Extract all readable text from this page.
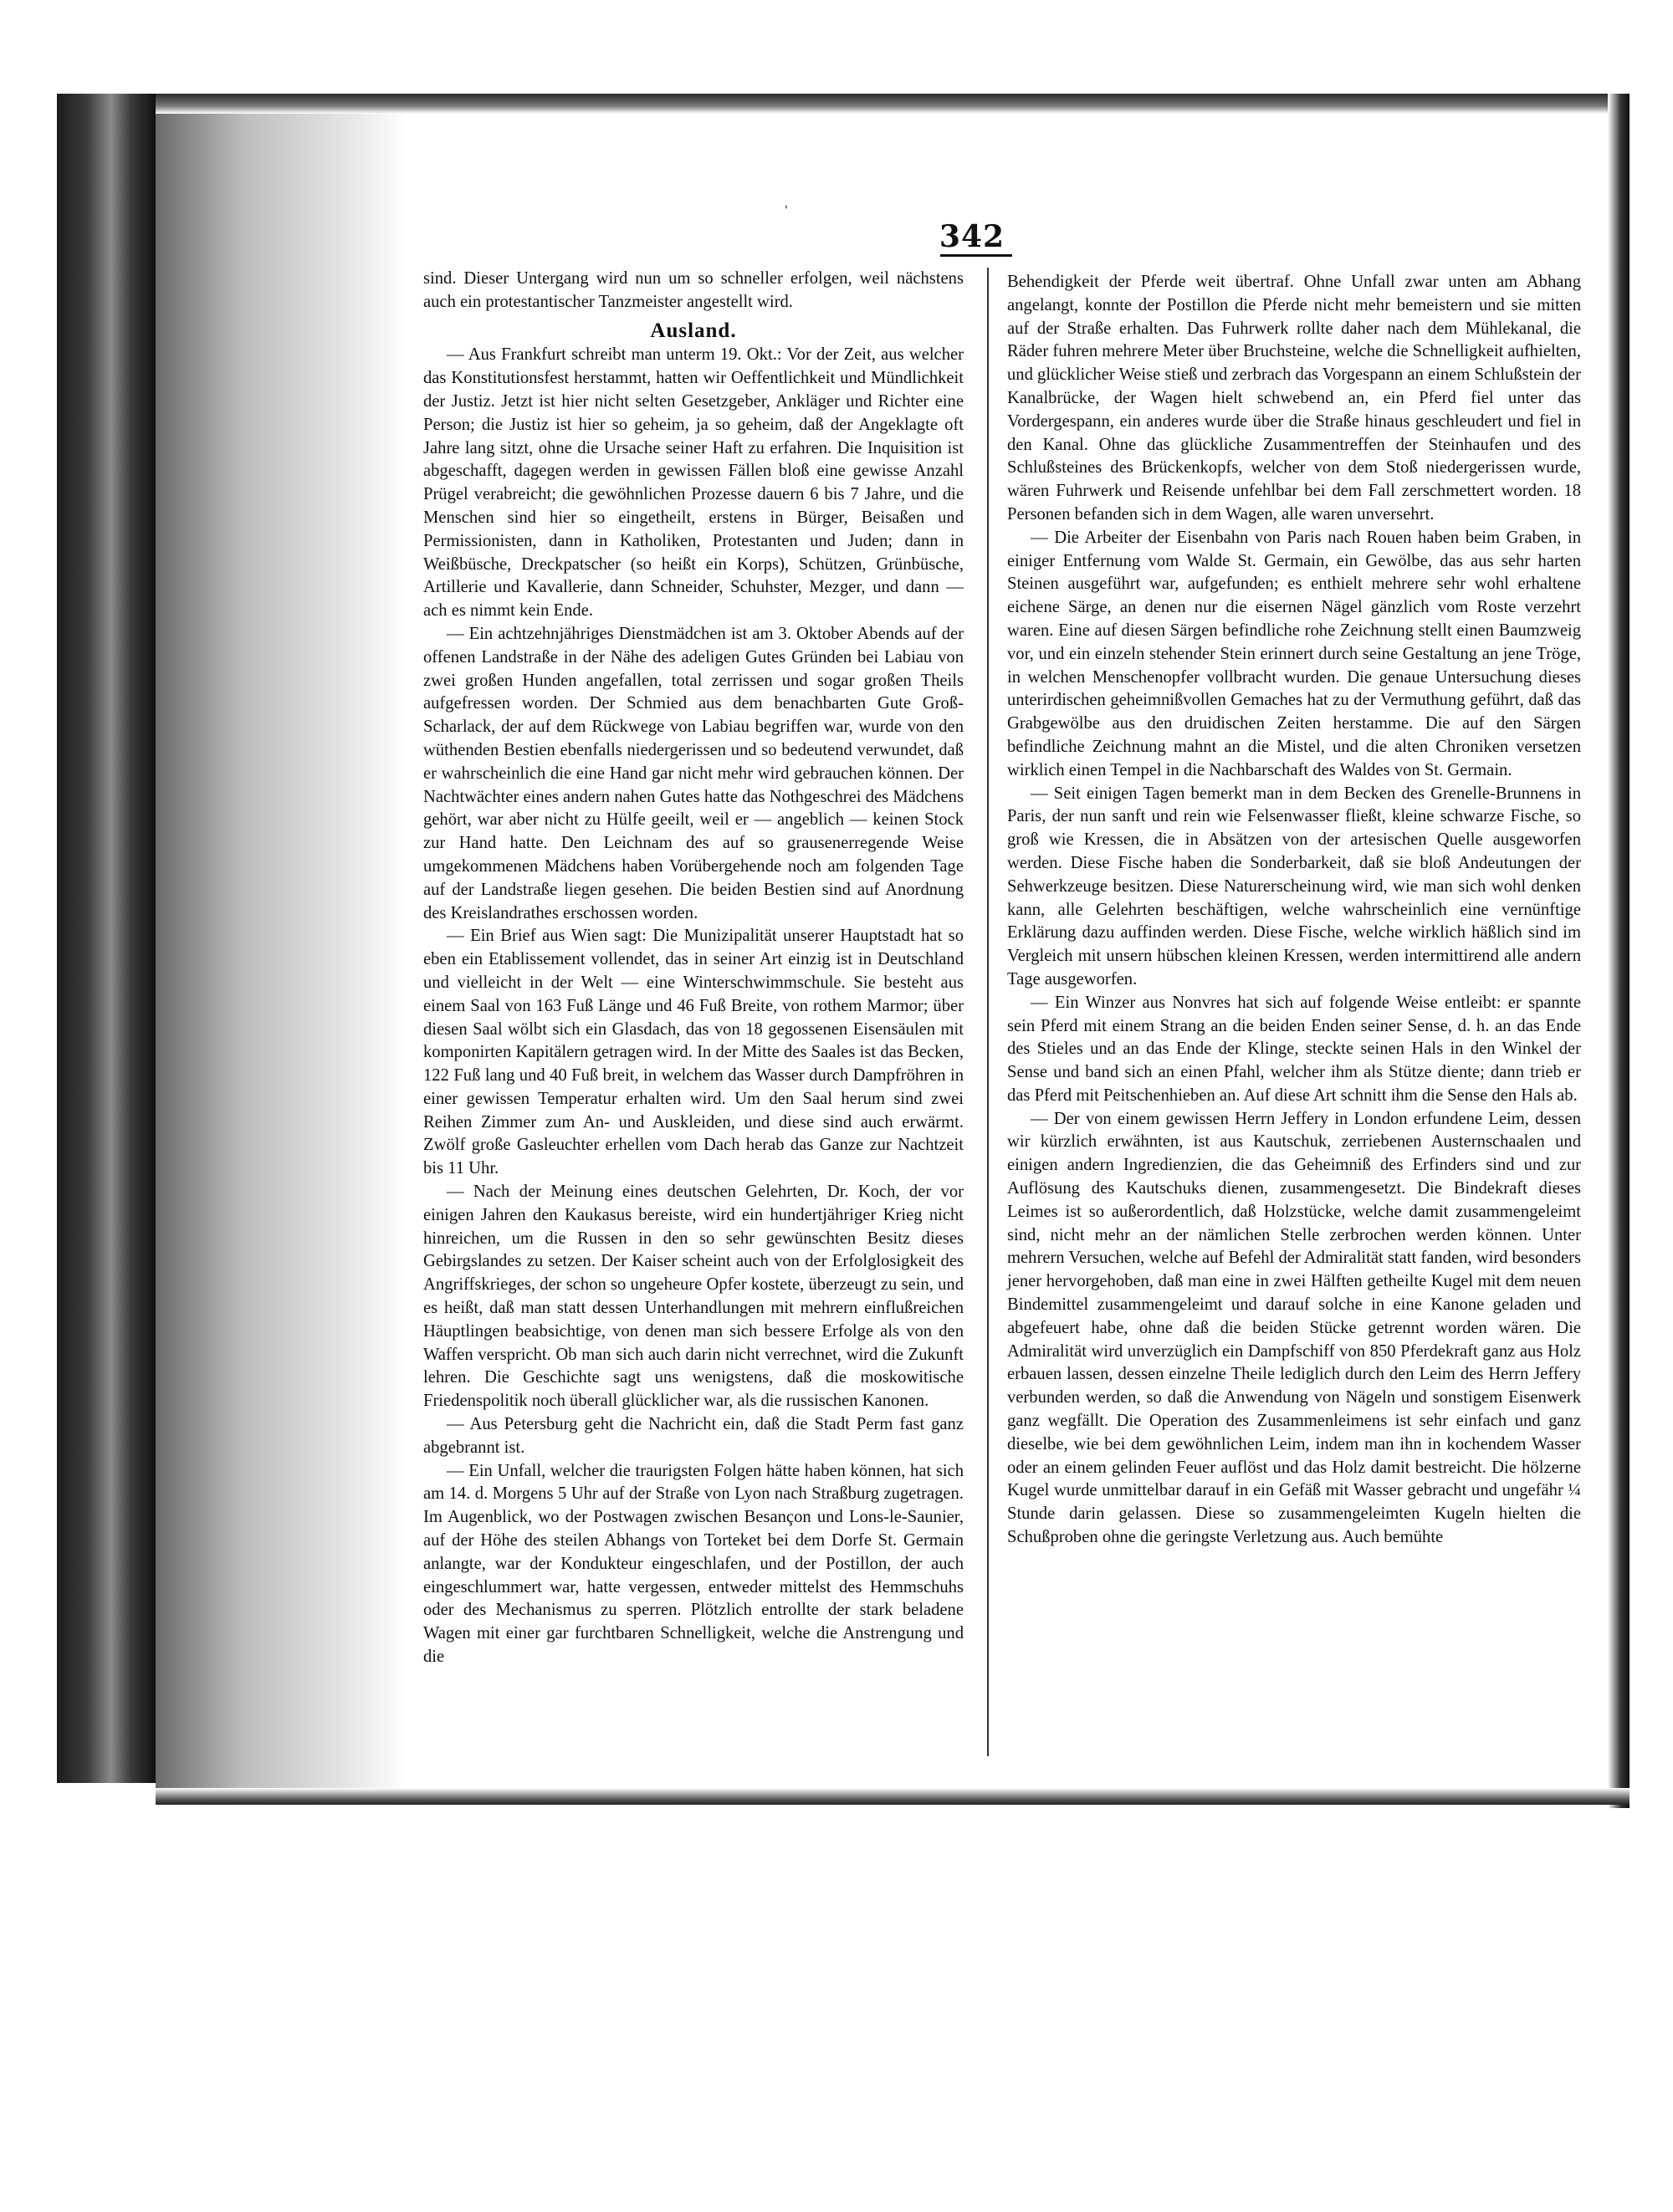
'
342

sind. Dieser Untergang wird nun um so schneller erfolgen, weil nächstens auch ein protestantischer Tanzmeister angestellt wird.

Ausland.

— Aus Frankfurt schreibt man unterm 19. Okt.: Vor der Zeit, aus welcher das Konstitutionsfest herstammt, hatten wir Oeffentlichkeit und Mündlichkeit der Justiz. Jetzt ist hier nicht selten Gesetzgeber, Ankläger und Richter eine Person; die Justiz ist hier so geheim, ja so geheim, daß der Angeklagte oft Jahre lang sitzt, ohne die Ursache seiner Haft zu erfahren. Die Inquisition ist abgeschafft, dagegen werden in gewissen Fällen bloß eine gewisse Anzahl Prügel verabreicht; die gewöhnlichen Prozesse dauern 6 bis 7 Jahre, und die Menschen sind hier so eingetheilt, erstens in Bürger, Beisaßen und Permissionisten, dann in Katholiken, Protestanten und Juden; dann in Weißbüsche, Dreckpatscher (so heißt ein Korps), Schützen, Grünbüsche, Artillerie und Kavallerie, dann Schneider, Schuhster, Mezger, und dann — ach es nimmt kein Ende.

— Ein achtzehnjähriges Dienstmädchen ist am 3. Oktober Abends auf der offenen Landstraße in der Nähe des adeligen Gutes Gründen bei Labiau von zwei großen Hunden angefallen, total zerrissen und sogar großen Theils aufgefressen worden. Der Schmied aus dem benachbarten Gute Groß-Scharlack, der auf dem Rückwege von Labiau begriffen war, wurde von den wüthenden Bestien ebenfalls niedergerissen und so bedeutend verwundet, daß er wahrscheinlich die eine Hand gar nicht mehr wird gebrauchen können. Der Nachtwächter eines andern nahen Gutes hatte das Nothgeschrei des Mädchens gehört, war aber nicht zu Hülfe geeilt, weil er — angeblich — keinen Stock zur Hand hatte. Den Leichnam des auf so grausenerregende Weise umgekommenen Mädchens haben Vorübergehende noch am folgenden Tage auf der Landstraße liegen gesehen. Die beiden Bestien sind auf Anordnung des Kreislandrathes erschossen worden.

— Ein Brief aus Wien sagt: Die Munizipalität unserer Hauptstadt hat so eben ein Etablissement vollendet, das in seiner Art einzig ist in Deutschland und vielleicht in der Welt — eine Winterschwimmschule. Sie besteht aus einem Saal von 163 Fuß Länge und 46 Fuß Breite, von rothem Marmor; über diesen Saal wölbt sich ein Glasdach, das von 18 gegossenen Eisensäulen mit komponirten Kapitälern getragen wird. In der Mitte des Saales ist das Becken, 122 Fuß lang und 40 Fuß breit, in welchem das Wasser durch Dampfröhren in einer gewissen Temperatur erhalten wird. Um den Saal herum sind zwei Reihen Zimmer zum An- und Auskleiden, und diese sind auch erwärmt. Zwölf große Gasleuchter erhellen vom Dach herab das Ganze zur Nachtzeit bis 11 Uhr.

— Nach der Meinung eines deutschen Gelehrten, Dr. Koch, der vor einigen Jahren den Kaukasus bereiste, wird ein hundertjähriger Krieg nicht hinreichen, um die Russen in den so sehr gewünschten Besitz dieses Gebirgslandes zu setzen. Der Kaiser scheint auch von der Erfolglosigkeit des Angriffskrieges, der schon so ungeheure Opfer kostete, überzeugt zu sein, und es heißt, daß man statt dessen Unterhandlungen mit mehrern einflußreichen Häuptlingen beabsichtige, von denen man sich bessere Erfolge als von den Waffen verspricht. Ob man sich auch darin nicht verrechnet, wird die Zukunft lehren. Die Geschichte sagt uns wenigstens, daß die moskowitische Friedenspolitik noch überall glücklicher war, als die russischen Kanonen.

— Aus Petersburg geht die Nachricht ein, daß die Stadt Perm fast ganz abgebrannt ist.

— Ein Unfall, welcher die traurigsten Folgen hätte haben können, hat sich am 14. d. Morgens 5 Uhr auf der Straße von Lyon nach Straßburg zugetragen. Im Augenblick, wo der Postwagen zwischen Besançon und Lons-le-Saunier, auf der Höhe des steilen Abhangs von Torteket bei dem Dorfe St. Germain anlangte, war der Kondukteur eingeschlafen, und der Postillon, der auch eingeschlummert war, hatte vergessen, entweder mittelst des Hemmschuhs oder des Mechanismus zu sperren. Plötzlich entrollte der stark beladene Wagen mit einer gar furchtbaren Schnelligkeit, welche die Anstrengung und die

Behendigkeit der Pferde weit übertraf. Ohne Unfall zwar unten am Abhang angelangt, konnte der Postillon die Pferde nicht mehr bemeistern und sie mitten auf der Straße erhalten. Das Fuhrwerk rollte daher nach dem Mühlekanal, die Räder fuhren mehrere Meter über Bruchsteine, welche die Schnelligkeit aufhielten, und glücklicher Weise stieß und zerbrach das Vorgespann an einem Schlußstein der Kanalbrücke, der Wagen hielt schwebend an, ein Pferd fiel unter das Vordergespann, ein anderes wurde über die Straße hinaus geschleudert und fiel in den Kanal. Ohne das glückliche Zusammentreffen der Steinhaufen und des Schlußsteines des Brückenkopfs, welcher von dem Stoß niedergerissen wurde, wären Fuhrwerk und Reisende unfehlbar bei dem Fall zerschmettert worden. 18 Personen befanden sich in dem Wagen, alle waren unversehrt.

— Die Arbeiter der Eisenbahn von Paris nach Rouen haben beim Graben, in einiger Entfernung vom Walde St. Germain, ein Gewölbe, das aus sehr harten Steinen ausgeführt war, aufgefunden; es enthielt mehrere sehr wohl erhaltene eichene Särge, an denen nur die eisernen Nägel gänzlich vom Roste verzehrt waren. Eine auf diesen Särgen befindliche rohe Zeichnung stellt einen Baumzweig vor, und ein einzeln stehender Stein erinnert durch seine Gestaltung an jene Tröge, in welchen Menschenopfer vollbracht wurden. Die genaue Untersuchung dieses unterirdischen geheimnißvollen Gemaches hat zu der Vermuthung geführt, daß das Grabgewölbe aus den druidischen Zeiten herstamme. Die auf den Särgen befindliche Zeichnung mahnt an die Mistel, und die alten Chroniken versetzen wirklich einen Tempel in die Nachbarschaft des Waldes von St. Germain.

— Seit einigen Tagen bemerkt man in dem Becken des Grenelle-Brunnens in Paris, der nun sanft und rein wie Felsenwasser fließt, kleine schwarze Fische, so groß wie Kressen, die in Absätzen von der artesischen Quelle ausgeworfen werden. Diese Fische haben die Sonderbarkeit, daß sie bloß Andeutungen der Sehwerkzeuge besitzen. Diese Naturerscheinung wird, wie man sich wohl denken kann, alle Gelehrten beschäftigen, welche wahrscheinlich eine vernünftige Erklärung dazu auffinden werden. Diese Fische, welche wirklich häßlich sind im Vergleich mit unsern hübschen kleinen Kressen, werden intermittirend alle andern Tage ausgeworfen.

— Ein Winzer aus Nonvres hat sich auf folgende Weise entleibt: er spannte sein Pferd mit einem Strang an die beiden Enden seiner Sense, d. h. an das Ende des Stieles und an das Ende der Klinge, steckte seinen Hals in den Winkel der Sense und band sich an einen Pfahl, welcher ihm als Stütze diente; dann trieb er das Pferd mit Peitschenhieben an. Auf diese Art schnitt ihm die Sense den Hals ab.

— Der von einem gewissen Herrn Jeffery in London erfundene Leim, dessen wir kürzlich erwähnten, ist aus Kautschuk, zerriebenen Austernschaalen und einigen andern Ingredienzien, die das Geheimniß des Erfinders sind und zur Auflösung des Kautschuks dienen, zusammengesetzt. Die Bindekraft dieses Leimes ist so außerordentlich, daß Holzstücke, welche damit zusammengeleimt sind, nicht mehr an der nämlichen Stelle zerbrochen werden können. Unter mehrern Versuchen, welche auf Befehl der Admiralität statt fanden, wird besonders jener hervorgehoben, daß man eine in zwei Hälften getheilte Kugel mit dem neuen Bindemittel zusammengeleimt und darauf solche in eine Kanone geladen und abgefeuert habe, ohne daß die beiden Stücke getrennt worden wären. Die Admiralität wird unverzüglich ein Dampfschiff von 850 Pferdekraft ganz aus Holz erbauen lassen, dessen einzelne Theile lediglich durch den Leim des Herrn Jeffery verbunden werden, so daß die Anwendung von Nägeln und sonstigem Eisenwerk ganz wegfällt. Die Operation des Zusammenleimens ist sehr einfach und ganz dieselbe, wie bei dem gewöhnlichen Leim, indem man ihn in kochendem Wasser oder an einem gelinden Feuer auflöst und das Holz damit bestreicht. Die hölzerne Kugel wurde unmittelbar darauf in ein Gefäß mit Wasser gebracht und ungefähr ¼ Stunde darin gelassen. Diese so zusammengeleimten Kugeln hielten die Schußproben ohne die geringste Verletzung aus. Auch bemühte
